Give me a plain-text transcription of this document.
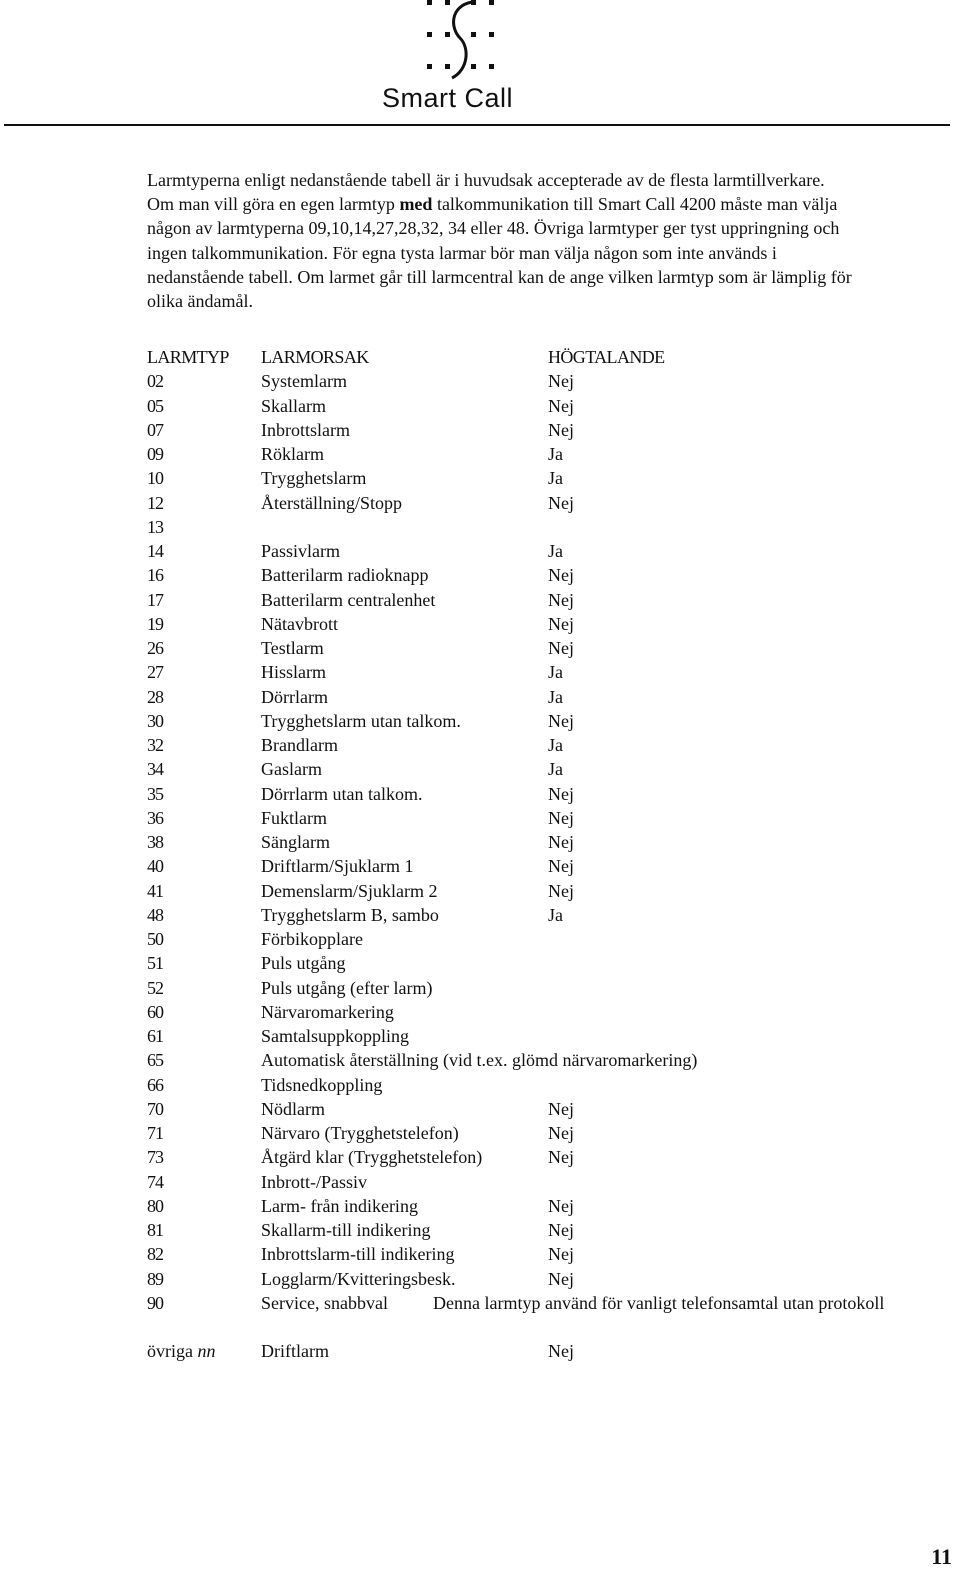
Smart Call

Larmtyperna enligt nedanstående tabell är i huvudsak accepterade av de flesta larmtillverkare.

Om man vill göra en egen larmtyp med talkommunikation till Smart Call 4200 måste man välja någon av larmtyperna 09,10,14,27,28,32, 34 eller 48. Övriga larmtyper ger tyst uppringning och ingen talkommunikation. För egna tysta larmar bör man välja någon som inte används i nedanstående tabell. Om larmet går till larmcentral kan de ange vilken larmtyp som är lämplig för olika ändamål.

LARMTYP LARMORSAK	HÖGTALANDE
02	Systemlarm	Nej
05	Skallarm	Nej
07	Inbrottslarm	Nej
09	Röklarm	Ja
10	Trygghetslarm	Ja
12	Återställning/Stopp	Nej
13
14	Passivlarm	Ja
16	Batterilarm radioknapp	Nej
17	Batterilarm centralenhet	Nej
19	Nätavbrott	Nej
26	Testlarm	Nej
27	Hisslarm	Ja
28	Dörrlarm	Ja
30	Trygghetslarm utan talkom.	Nej
32	Brandlarm	Ja
34	Gaslarm	Ja
35	Dörrlarm utan talkom.	Nej
36	Fuktlarm	Nej
38	Sänglarm	Nej
40	Driftlarm/Sjuklarm 1	Nej
41	Demenslarm/Sjuklarm 2	Nej
48	Trygghetslarm B, sambo	Ja
50	Förbikopplare
51	Puls utgång
52	Puls utgång (efter larm)
60	Närvaromarkering
61	Samtalsuppkoppling
65	Automatisk återställning (vid t.ex. glömd närvaromarkering)
66	Tidsnedkoppling
70	Nödlarm	Nej
71	Närvaro (Trygghetstelefon)	Nej
73	Åtgärd klar (Trygghetstelefon)	Nej
74	Inbrott-/Passiv
80	Larm- från indikering	Nej
81	Skallarm-till indikering	Nej
82	Inbrottslarm-till indikering	Nej
89	Logglarm/Kvitteringsbesk.	Nej
90	Service, snabbval	Denna larmtyp använd för vanligt telefonsamtal utan protokoll
övriga nn	Driftlarm	Nej
11
